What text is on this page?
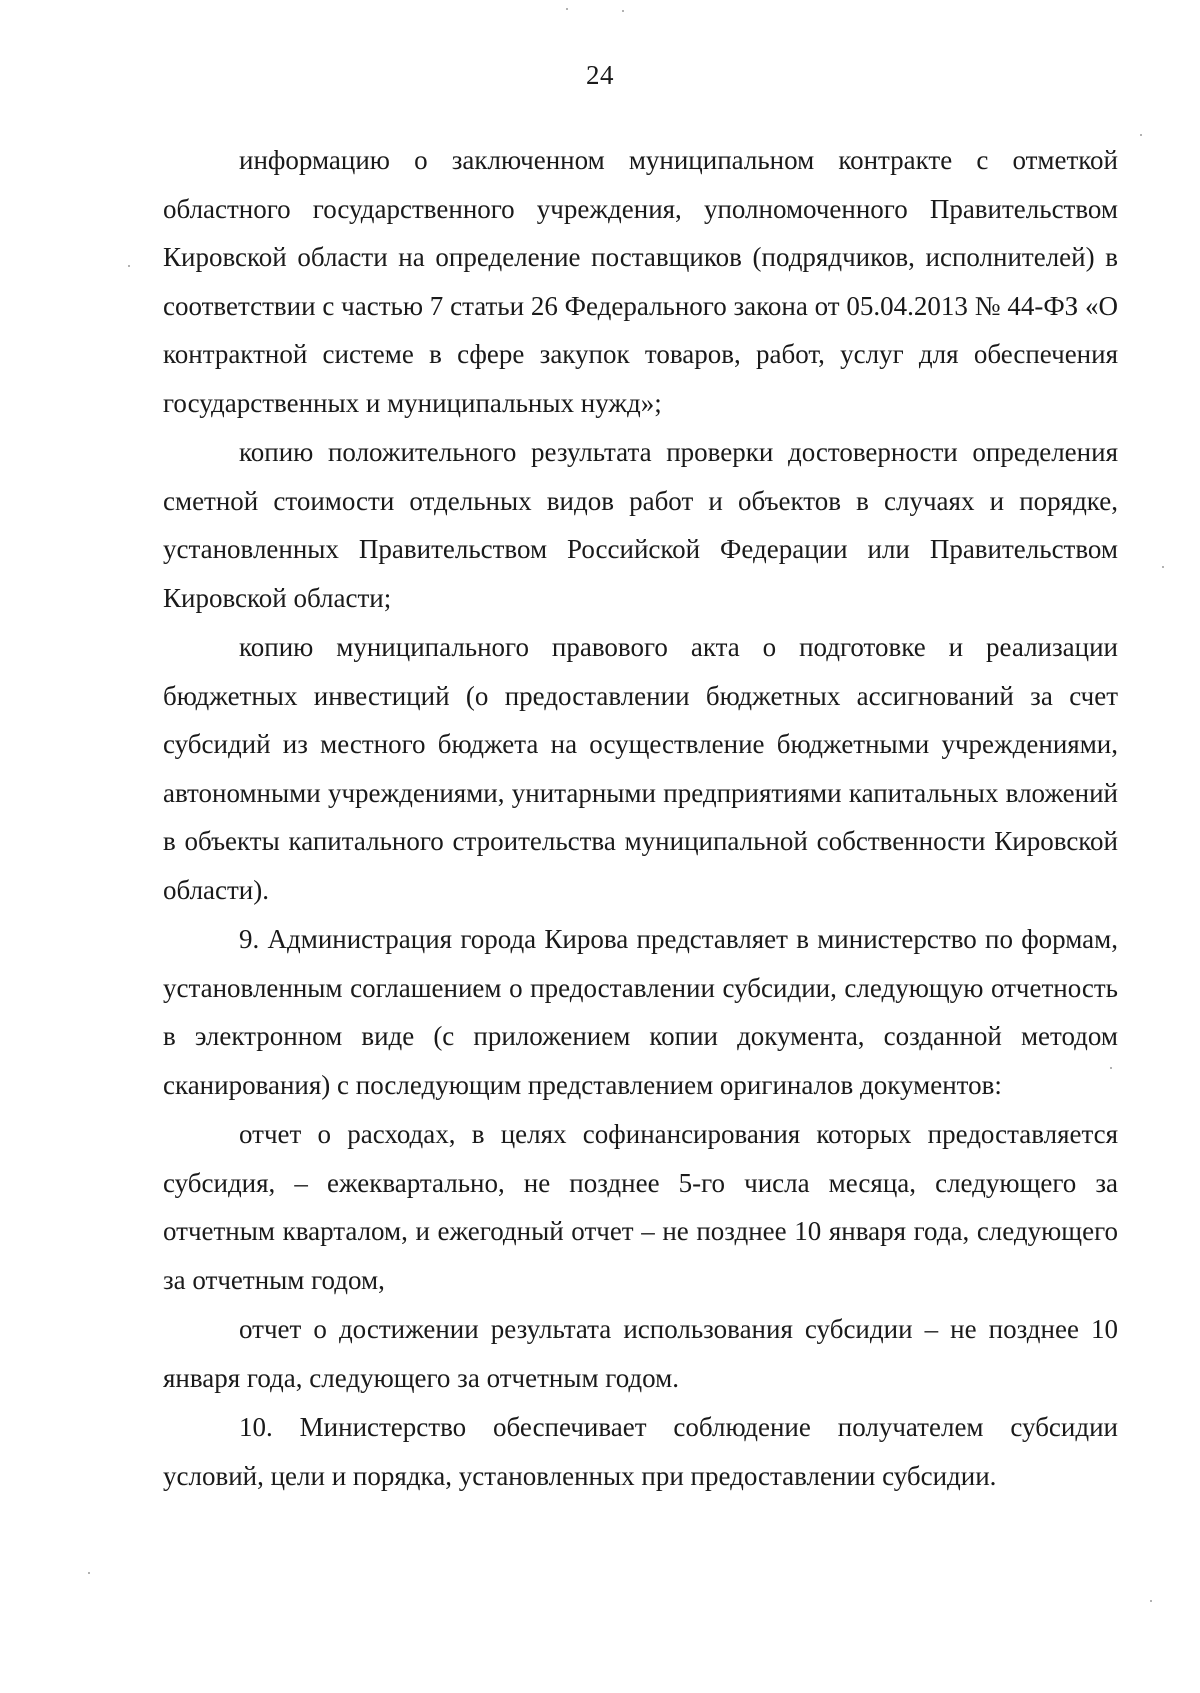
24

информацию о заключенном муниципальном контракте с отметкой областного государственного учреждения, уполномоченного Правительством Кировской области на определение поставщиков (подрядчиков, исполнителей) в соответствии с частью 7 статьи 26 Федерального закона от 05.04.2013 № 44-ФЗ «О контрактной системе в сфере закупок товаров, работ, услуг для обеспечения государственных и муниципальных нужд»;

копию положительного результата проверки достоверности определения сметной стоимости отдельных видов работ и объектов в случаях и порядке, установленных Правительством Российской Федерации или Правительством Кировской области;

копию муниципального правового акта о подготовке и реализации бюджетных инвестиций (о предоставлении бюджетных ассигнований за счет субсидий из местного бюджета на осуществление бюджетными учреждениями, автономными учреждениями, унитарными предприятиями капитальных вложений в объекты капитального строительства муниципальной собственности Кировской области).

9. Администрация города Кирова представляет в министерство по формам, установленным соглашением о предоставлении субсидии, следующую отчетность в электронном виде (с приложением копии документа, созданной методом сканирования) с последующим представлением оригиналов документов:

отчет о расходах, в целях софинансирования которых предоставляется субсидия, – ежеквартально, не позднее 5-го числа месяца, следующего за отчетным кварталом, и ежегодный отчет – не позднее 10 января года, следующего за отчетным годом,

отчет о достижении результата использования субсидии – не позднее 10 января года, следующего за отчетным годом.

10. Министерство обеспечивает соблюдение получателем субсидии условий, цели и порядка, установленных при предоставлении субсидии.
